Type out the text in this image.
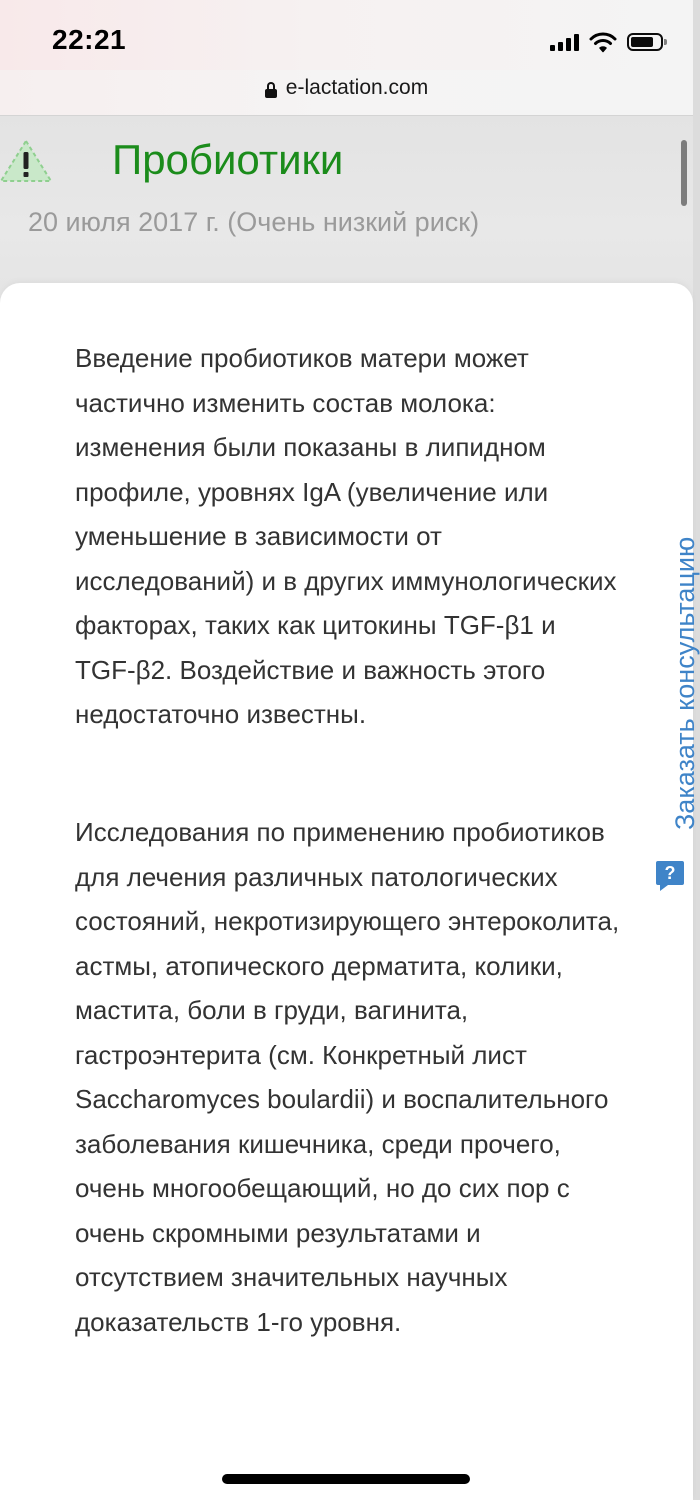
22:21
e-lactation.com
Пробиотики
20 июля 2017 г. (Очень низкий риск)

Введение пробиотиков матери может частично изменить состав молока: изменения были показаны в липидном профиле, уровнях IgA (увеличение или уменьшение в зависимости от исследований) и в других иммунологических факторах, таких как цитокины TGF-β1 и TGF-β2. Воздействие и важность этого недостаточно известны.

Исследования по применению пробиотиков для лечения различных патологических состояний, некротизирующего энтероколита, астмы, атопического дерматита, колики, мастита, боли в груди, вагинита, гастроэнтерита (см. Конкретный лист Saccharomyces boulardii) и воспалительного заболевания кишечника, среди прочего, очень многообещающий, но до сих пор с очень скромными результатами и отсутствием значительных научных доказательств 1-го уровня.

Заказать консультацию
?
